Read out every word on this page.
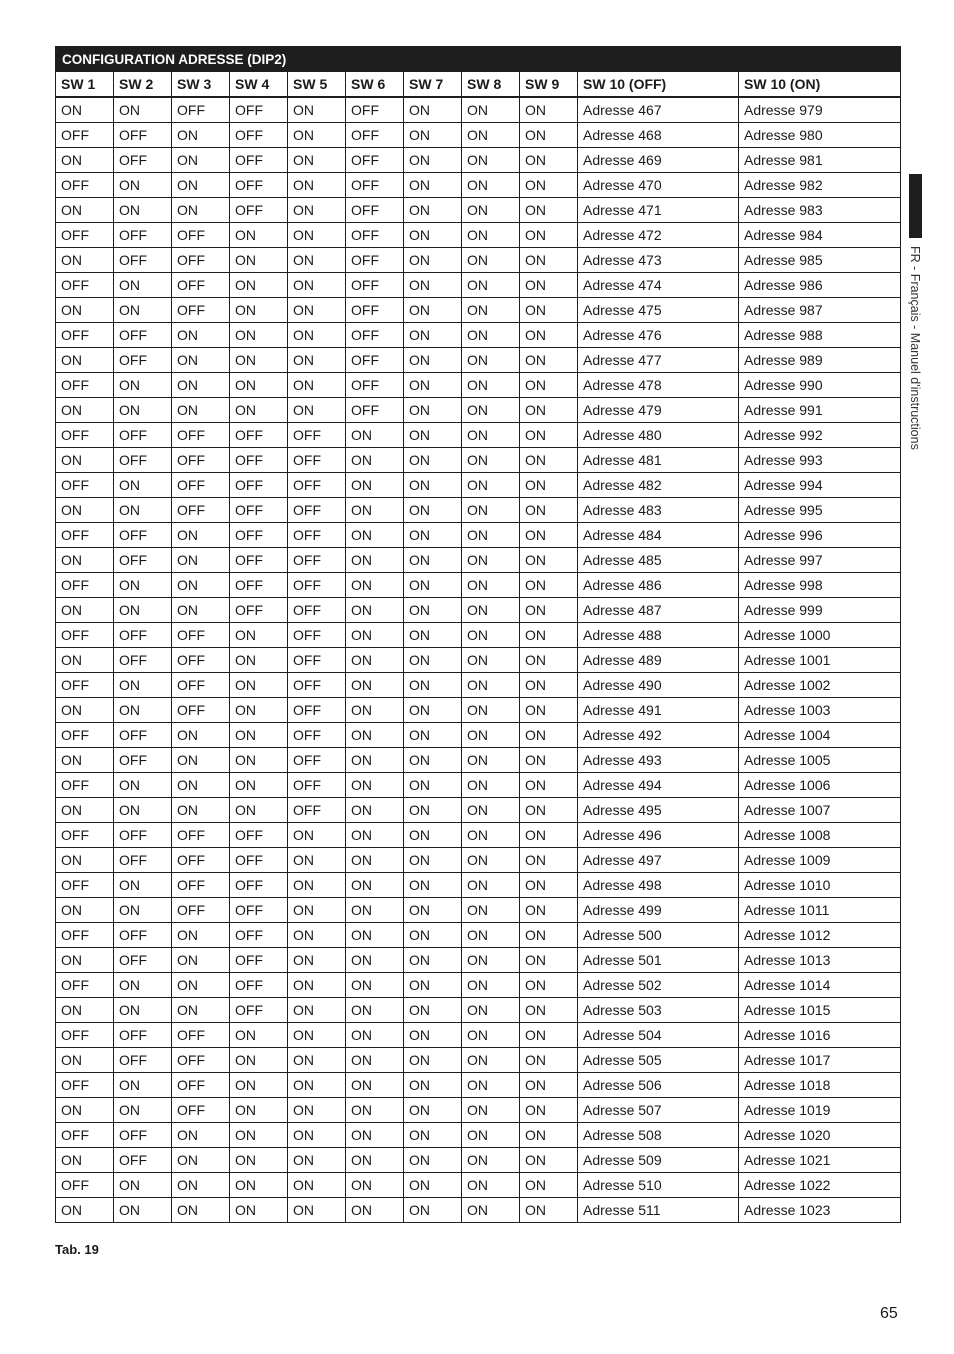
CONFIGURATION ADRESSE (DIP2)										
SW 1	SW 2	SW 3	SW 4	SW 5	SW 6	SW 7	SW 8	SW 9	SW 10 (OFF)	SW 10 (ON)
ON	ON	OFF	OFF	ON	OFF	ON	ON	ON	Adresse 467	Adresse 979
OFF	OFF	ON	OFF	ON	OFF	ON	ON	ON	Adresse 468	Adresse 980
ON	OFF	ON	OFF	ON	OFF	ON	ON	ON	Adresse 469	Adresse 981
OFF	ON	ON	OFF	ON	OFF	ON	ON	ON	Adresse 470	Adresse 982
ON	ON	ON	OFF	ON	OFF	ON	ON	ON	Adresse 471	Adresse 983
OFF	OFF	OFF	ON	ON	OFF	ON	ON	ON	Adresse 472	Adresse 984
ON	OFF	OFF	ON	ON	OFF	ON	ON	ON	Adresse 473	Adresse 985
OFF	ON	OFF	ON	ON	OFF	ON	ON	ON	Adresse 474	Adresse 986
ON	ON	OFF	ON	ON	OFF	ON	ON	ON	Adresse 475	Adresse 987
OFF	OFF	ON	ON	ON	OFF	ON	ON	ON	Adresse 476	Adresse 988
ON	OFF	ON	ON	ON	OFF	ON	ON	ON	Adresse 477	Adresse 989
OFF	ON	ON	ON	ON	OFF	ON	ON	ON	Adresse 478	Adresse 990
ON	ON	ON	ON	ON	OFF	ON	ON	ON	Adresse 479	Adresse 991
OFF	OFF	OFF	OFF	OFF	ON	ON	ON	ON	Adresse 480	Adresse 992
ON	OFF	OFF	OFF	OFF	ON	ON	ON	ON	Adresse 481	Adresse 993
OFF	ON	OFF	OFF	OFF	ON	ON	ON	ON	Adresse 482	Adresse 994
ON	ON	OFF	OFF	OFF	ON	ON	ON	ON	Adresse 483	Adresse 995
OFF	OFF	ON	OFF	OFF	ON	ON	ON	ON	Adresse 484	Adresse 996
ON	OFF	ON	OFF	OFF	ON	ON	ON	ON	Adresse 485	Adresse 997
OFF	ON	ON	OFF	OFF	ON	ON	ON	ON	Adresse 486	Adresse 998
ON	ON	ON	OFF	OFF	ON	ON	ON	ON	Adresse 487	Adresse 999
OFF	OFF	OFF	ON	OFF	ON	ON	ON	ON	Adresse 488	Adresse 1000
ON	OFF	OFF	ON	OFF	ON	ON	ON	ON	Adresse 489	Adresse 1001
OFF	ON	OFF	ON	OFF	ON	ON	ON	ON	Adresse 490	Adresse 1002
ON	ON	OFF	ON	OFF	ON	ON	ON	ON	Adresse 491	Adresse 1003
OFF	OFF	ON	ON	OFF	ON	ON	ON	ON	Adresse 492	Adresse 1004
ON	OFF	ON	ON	OFF	ON	ON	ON	ON	Adresse 493	Adresse 1005
OFF	ON	ON	ON	OFF	ON	ON	ON	ON	Adresse 494	Adresse 1006
ON	ON	ON	ON	OFF	ON	ON	ON	ON	Adresse 495	Adresse 1007
OFF	OFF	OFF	OFF	ON	ON	ON	ON	ON	Adresse 496	Adresse 1008
ON	OFF	OFF	OFF	ON	ON	ON	ON	ON	Adresse 497	Adresse 1009
OFF	ON	OFF	OFF	ON	ON	ON	ON	ON	Adresse 498	Adresse 1010
ON	ON	OFF	OFF	ON	ON	ON	ON	ON	Adresse 499	Adresse 1011
OFF	OFF	ON	OFF	ON	ON	ON	ON	ON	Adresse 500	Adresse 1012
ON	OFF	ON	OFF	ON	ON	ON	ON	ON	Adresse 501	Adresse 1013
OFF	ON	ON	OFF	ON	ON	ON	ON	ON	Adresse 502	Adresse 1014
ON	ON	ON	OFF	ON	ON	ON	ON	ON	Adresse 503	Adresse 1015
OFF	OFF	OFF	ON	ON	ON	ON	ON	ON	Adresse 504	Adresse 1016
ON	OFF	OFF	ON	ON	ON	ON	ON	ON	Adresse 505	Adresse 1017
OFF	ON	OFF	ON	ON	ON	ON	ON	ON	Adresse 506	Adresse 1018
ON	ON	OFF	ON	ON	ON	ON	ON	ON	Adresse 507	Adresse 1019
OFF	OFF	ON	ON	ON	ON	ON	ON	ON	Adresse 508	Adresse 1020
ON	OFF	ON	ON	ON	ON	ON	ON	ON	Adresse 509	Adresse 1021
OFF	ON	ON	ON	ON	ON	ON	ON	ON	Adresse 510	Adresse 1022
ON	ON	ON	ON	ON	ON	ON	ON	ON	Adresse 511	Adresse 1023
Tab. 19
65
FR - Français - Manuel d'instructions
